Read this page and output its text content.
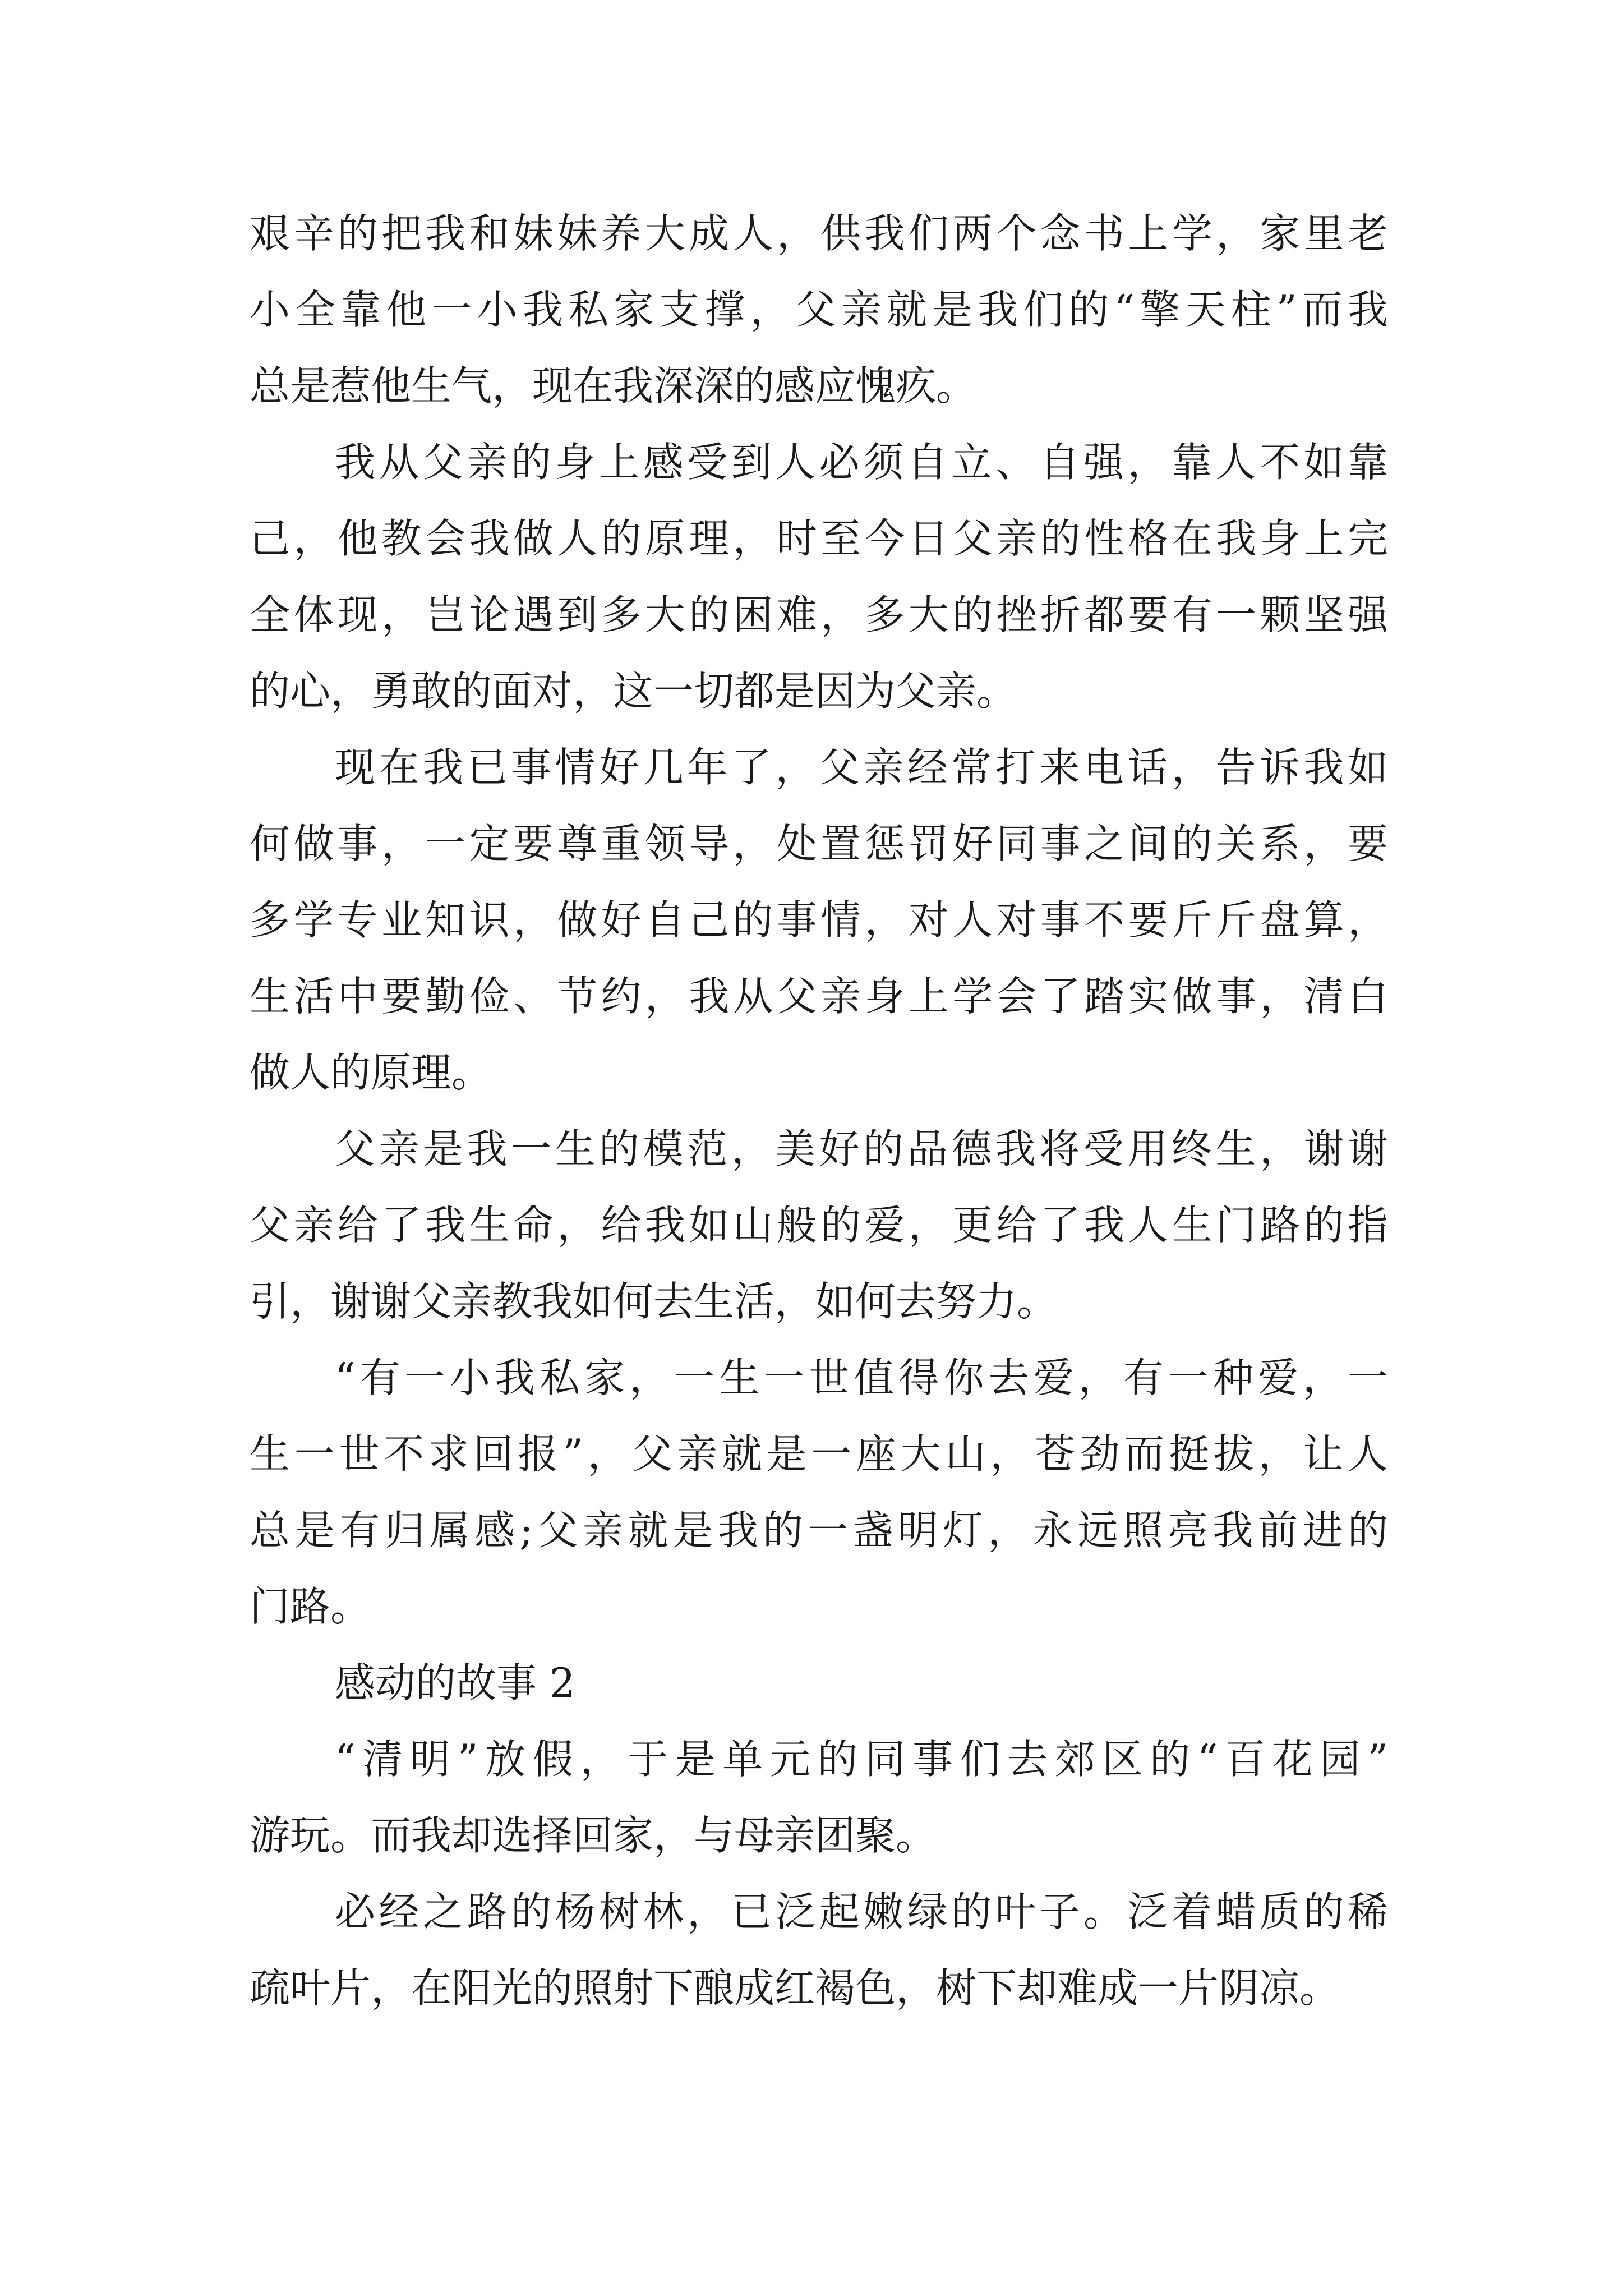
艰辛的把我和妹妹养大成人，供我们两个念书上学，家里老
小全靠他一小我私家支撑，父亲就是我们的“擎天柱”而我
总是惹他生气，现在我深深的感应愧疚。
我从父亲的身上感受到人必须自立、自强，靠人不如靠
己，他教会我做人的原理，时至今日父亲的性格在我身上完
全体现，岂论遇到多大的困难，多大的挫折都要有一颗坚强
的心，勇敢的面对，这一切都是因为父亲。
现在我已事情好几年了，父亲经常打来电话，告诉我如
何做事，一定要尊重领导，处置惩罚好同事之间的关系，要
多学专业知识，做好自己的事情，对人对事不要斤斤盘算，
生活中要勤俭、节约，我从父亲身上学会了踏实做事，清白
做人的原理。
父亲是我一生的模范，美好的品德我将受用终生，谢谢
父亲给了我生命，给我如山般的爱，更给了我人生门路的指
引，谢谢父亲教我如何去生活，如何去努力。
“有一小我私家，一生一世值得你去爱，有一种爱，一
生一世不求回报”，父亲就是一座大山，苍劲而挺拔，让人
总是有归属感;父亲就是我的一盏明灯，永远照亮我前进的
门路。
感动的故事 2
“清明”放假，于是单元的同事们去郊区的“百花园”
游玩。而我却选择回家，与母亲团聚。
必经之路的杨树林，已泛起嫩绿的叶子。泛着蜡质的稀
疏叶片，在阳光的照射下酿成红褐色，树下却难成一片阴凉。
